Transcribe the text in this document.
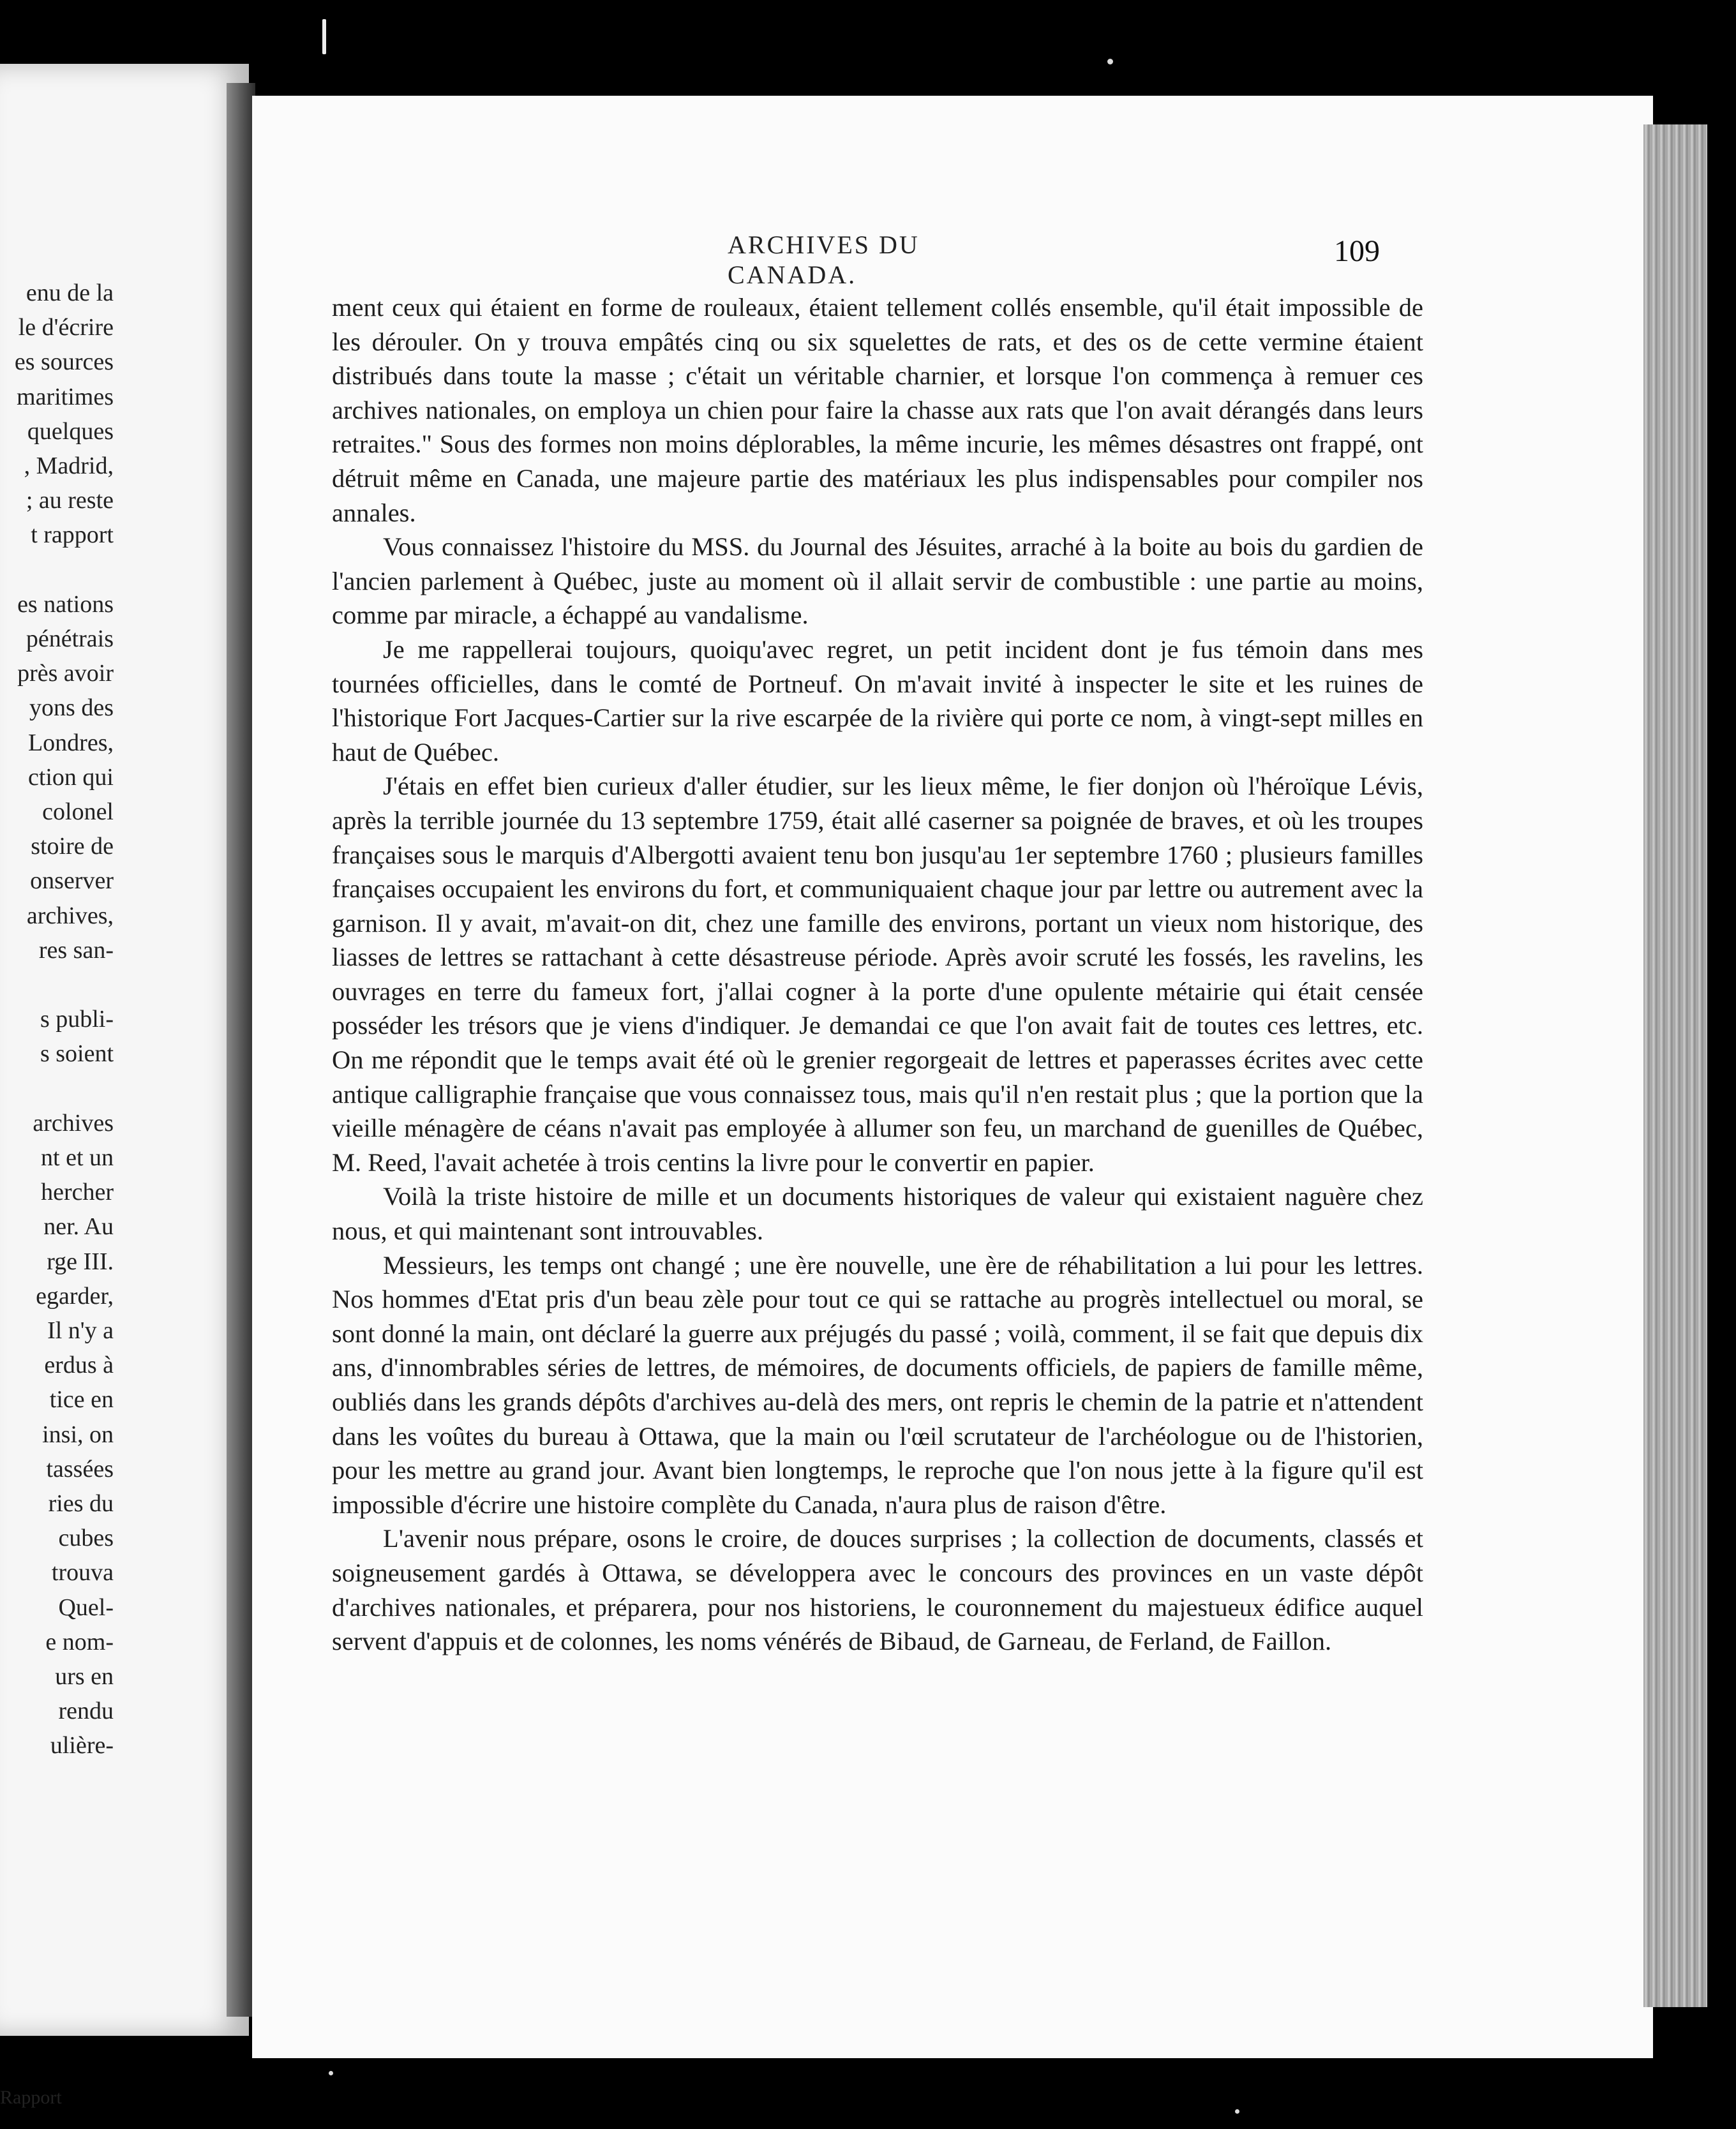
enu de la
le d'écrire
es sources
maritimes
quelques
, Madrid,
; au reste
t rapport
es nations
pénétrais
près avoir
yons des
Londres,
ction qui
colonel
stoire de
onserver
archives,
res san-
s publi-
s soient
archives
nt et un
hercher
ner. Au
rge III.
egarder,
Il n'y a
erdus à
tice en
insi, on
tassées
ries du
cubes
trouva
Quel-
e nom-
urs en
rendu
ulière-
Rapport
ARCHIVES DU CANADA.
109

ment ceux qui étaient en forme de rouleaux, étaient tellement collés ensemble, qu'il était impossible de les dérouler. On y trouva empâtés cinq ou six squelettes de rats, et des os de cette vermine étaient distribués dans toute la masse ; c'était un véritable charnier, et lorsque l'on commença à remuer ces archives nationales, on employa un chien pour faire la chasse aux rats que l'on avait dérangés dans leurs retraites." Sous des formes non moins déplorables, la même incurie, les mêmes désastres ont frappé, ont détruit même en Canada, une majeure partie des matériaux les plus indispensables pour compiler nos annales.

Vous connaissez l'histoire du MSS. du Journal des Jésuites, arraché à la boite au bois du gardien de l'ancien parlement à Québec, juste au moment où il allait servir de combustible : une partie au moins, comme par miracle, a échappé au vandalisme.

Je me rappellerai toujours, quoiqu'avec regret, un petit incident dont je fus témoin dans mes tournées officielles, dans le comté de Portneuf. On m'avait invité à inspecter le site et les ruines de l'historique Fort Jacques-Cartier sur la rive escarpée de la rivière qui porte ce nom, à vingt-sept milles en haut de Québec.

J'étais en effet bien curieux d'aller étudier, sur les lieux même, le fier donjon où l'héroïque Lévis, après la terrible journée du 13 septembre 1759, était allé caserner sa poignée de braves, et où les troupes françaises sous le marquis d'Albergotti avaient tenu bon jusqu'au 1er septembre 1760 ; plusieurs familles françaises occupaient les environs du fort, et communiquaient chaque jour par lettre ou autrement avec la garnison. Il y avait, m'avait-on dit, chez une famille des environs, portant un vieux nom historique, des liasses de lettres se rattachant à cette désastreuse période. Après avoir scruté les fossés, les ravelins, les ouvrages en terre du fameux fort, j'allai cogner à la porte d'une opulente métairie qui était censée posséder les trésors que je viens d'indiquer. Je demandai ce que l'on avait fait de toutes ces lettres, etc. On me répondit que le temps avait été où le grenier regorgeait de lettres et paperasses écrites avec cette antique calligraphie française que vous connaissez tous, mais qu'il n'en restait plus ; que la portion que la vieille ménagère de céans n'avait pas employée à allumer son feu, un marchand de guenilles de Québec, M. Reed, l'avait achetée à trois centins la livre pour le convertir en papier.

Voilà la triste histoire de mille et un documents historiques de valeur qui existaient naguère chez nous, et qui maintenant sont introuvables.

Messieurs, les temps ont changé ; une ère nouvelle, une ère de réhabilitation a lui pour les lettres. Nos hommes d'Etat pris d'un beau zèle pour tout ce qui se rattache au progrès intellectuel ou moral, se sont donné la main, ont déclaré la guerre aux préjugés du passé ; voilà, comment, il se fait que depuis dix ans, d'innombrables séries de lettres, de mémoires, de documents officiels, de papiers de famille même, oubliés dans les grands dépôts d'archives au-delà des mers, ont repris le chemin de la patrie et n'attendent dans les voûtes du bureau à Ottawa, que la main ou l'œil scrutateur de l'archéologue ou de l'historien, pour les mettre au grand jour. Avant bien longtemps, le reproche que l'on nous jette à la figure qu'il est impossible d'écrire une histoire complète du Canada, n'aura plus de raison d'être.

L'avenir nous prépare, osons le croire, de douces surprises ; la collection de documents, classés et soigneusement gardés à Ottawa, se développera avec le concours des provinces en un vaste dépôt d'archives nationales, et préparera, pour nos historiens, le couronnement du majestueux édifice auquel servent d'appuis et de colonnes, les noms vénérés de Bibaud, de Garneau, de Ferland, de Faillon.
